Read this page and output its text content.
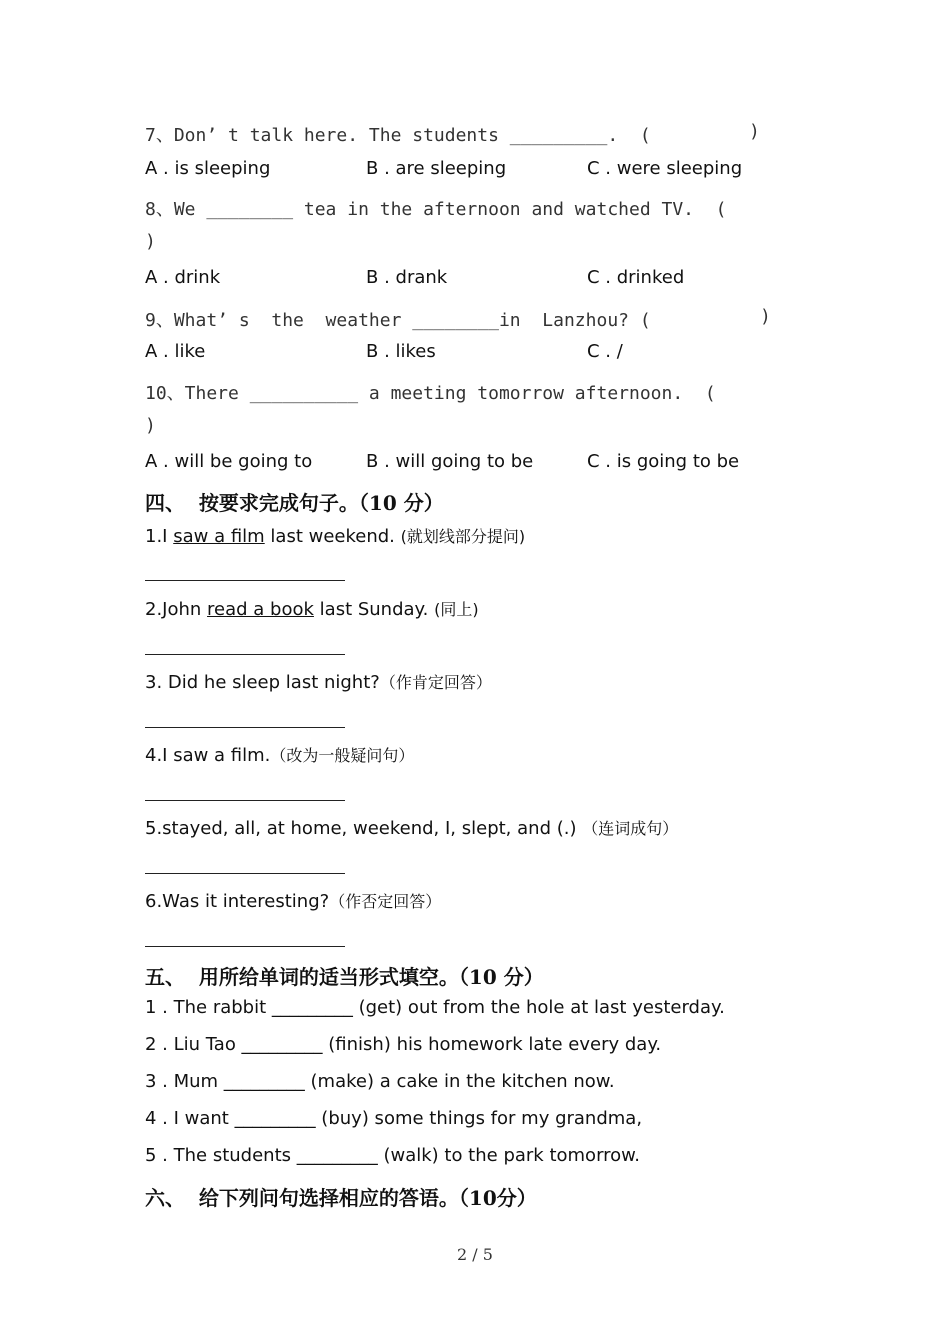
7、Don’ t talk here. The students _________.  (	)
A . is sleeping	B . are sleeping	C . were sleeping
8、We ________ tea in the afternoon and watched TV.  (
)
A . drink	B . drank	C . drinked
9、What’ s  the  weather ________in  Lanzhou? (	)
A . like	B . likes	C . /
10、There __________ a meeting tomorrow afternoon.  (
)
A . will be going to	B . will going to be	C . is going to be
四、  按要求完成句子。（10 分）
1.I saw a film last weekend. (就划线部分提问)
2.John read a book last Sunday. (同上)
3. Did he sleep last night?（作肯定回答）
4.I saw a film.（改为一般疑问句）
5.stayed, all, at home, weekend, I, slept, and (.) （连词成句）
6.Was it interesting?（作否定回答）
五、  用所给单词的适当形式填空。（10 分）
1 . The rabbit _________ (get) out from the hole at last yesterday.
2 . Liu Tao _________ (finish) his homework late every day.
3 . Mum _________ (make) a cake in the kitchen now.
4 . I want _________ (buy) some things for my grandma,
5 . The students _________ (walk) to the park tomorrow.
六、  给下列问句选择相应的答语。（10分）
2 / 5
